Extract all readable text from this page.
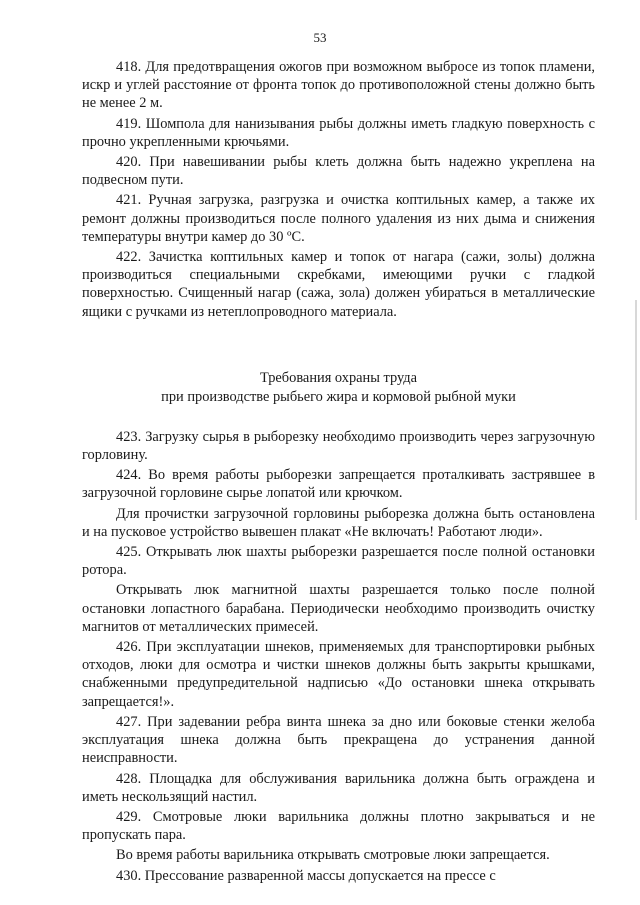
53

418. Для предотвращения ожогов при возможном выбросе из топок пламени, искр и углей расстояние от фронта топок до противоположной стены должно быть не менее 2 м.

419. Шомпола для нанизывания рыбы должны иметь гладкую поверхность с прочно укрепленными крючьями.

420. При навешивании рыбы клеть должна быть надежно укреплена на подвесном пути.

421. Ручная загрузка, разгрузка и очистка коптильных камер, а также их ремонт должны производиться после полного удаления из них дыма и снижения температуры внутри камер до 30 ºС.

422. Зачистка коптильных камер и топок от нагара (сажи, золы) должна производиться специальными скребками, имеющими ручки с гладкой поверхностью. Счищенный нагар (сажа, зола) должен убираться в металлические ящики с ручками из нетеплопроводного материала.

Требования охраны труда
при производстве рыбьего жира и кормовой рыбной муки

423. Загрузку сырья в рыборезку необходимо производить через загрузочную горловину.

424. Во время работы рыборезки запрещается проталкивать застрявшее в загрузочной горловине сырье лопатой или крючком.

Для прочистки загрузочной горловины рыборезка должна быть остановлена и на пусковое устройство вывешен плакат «Не включать! Работают люди».

425. Открывать люк шахты рыборезки разрешается после полной остановки ротора.

Открывать люк магнитной шахты разрешается только после полной остановки лопастного барабана. Периодически необходимо производить очистку магнитов от металлических примесей.

426. При эксплуатации шнеков, применяемых для транспортировки рыбных отходов, люки для осмотра и чистки шнеков должны быть закрыты крышками, снабженными предупредительной надписью «До остановки шнека открывать запрещается!».

427. При задевании ребра винта шнека за дно или боковые стенки желоба эксплуатация шнека должна быть прекращена до устранения данной неисправности.

428. Площадка для обслуживания варильника должна быть ограждена и иметь нескользящий настил.

429. Смотровые люки варильника должны плотно закрываться и не пропускать пара.

Во время работы варильника открывать смотровые люки запрещается.

430. Прессование разваренной массы допускается на прессе с
